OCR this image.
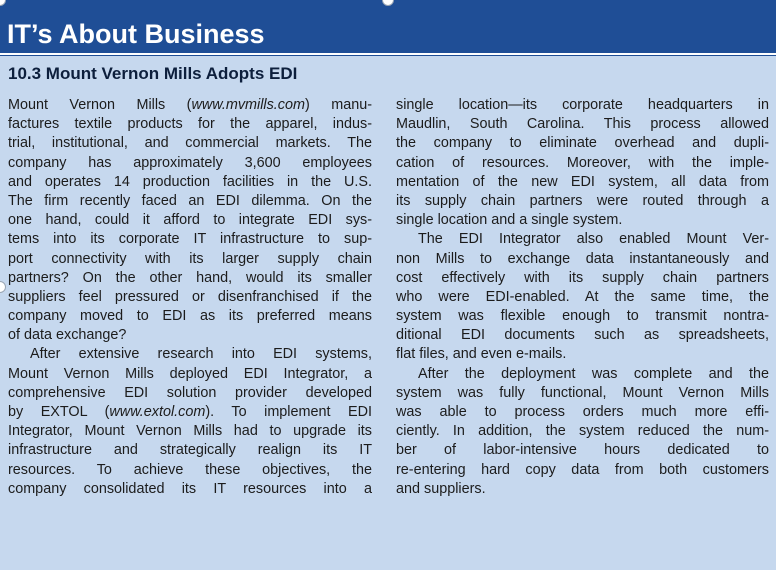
IT’s About Business
10.3 Mount Vernon Mills Adopts EDI
Mount Vernon Mills (www.mvmills.com) manu-
factures textile products for the apparel, indus-
trial, institutional, and commercial markets. The
company has approximately 3,600 employees
and operates 14 production facilities in the U.S.
The firm recently faced an EDI dilemma. On the
one hand, could it afford to integrate EDI sys-
tems into its corporate IT infrastructure to sup-
port connectivity with its larger supply chain
partners? On the other hand, would its smaller
suppliers feel pressured or disenfranchised if the
company moved to EDI as its preferred means
of data exchange?
After extensive research into EDI systems,
Mount Vernon Mills deployed EDI Integrator, a
comprehensive EDI solution provider developed
by EXTOL (www.extol.com). To implement EDI
Integrator, Mount Vernon Mills had to upgrade its
infrastructure and strategically realign its IT
resources. To achieve these objectives, the
company consolidated its IT resources into a
single location—its corporate headquarters in
Maudlin, South Carolina. This process allowed
the company to eliminate overhead and dupli-
cation of resources. Moreover, with the imple-
mentation of the new EDI system, all data from
its supply chain partners were routed through a
single location and a single system.
The EDI Integrator also enabled Mount Ver-
non Mills to exchange data instantaneously and
cost effectively with its supply chain partners
who were EDI-enabled. At the same time, the
system was flexible enough to transmit nontra-
ditional EDI documents such as spreadsheets,
flat files, and even e-mails.
After the deployment was complete and the
system was fully functional, Mount Vernon Mills
was able to process orders much more effi-
ciently. In addition, the system reduced the num-
ber of labor-intensive hours dedicated to
re-entering hard copy data from both customers
and suppliers.
